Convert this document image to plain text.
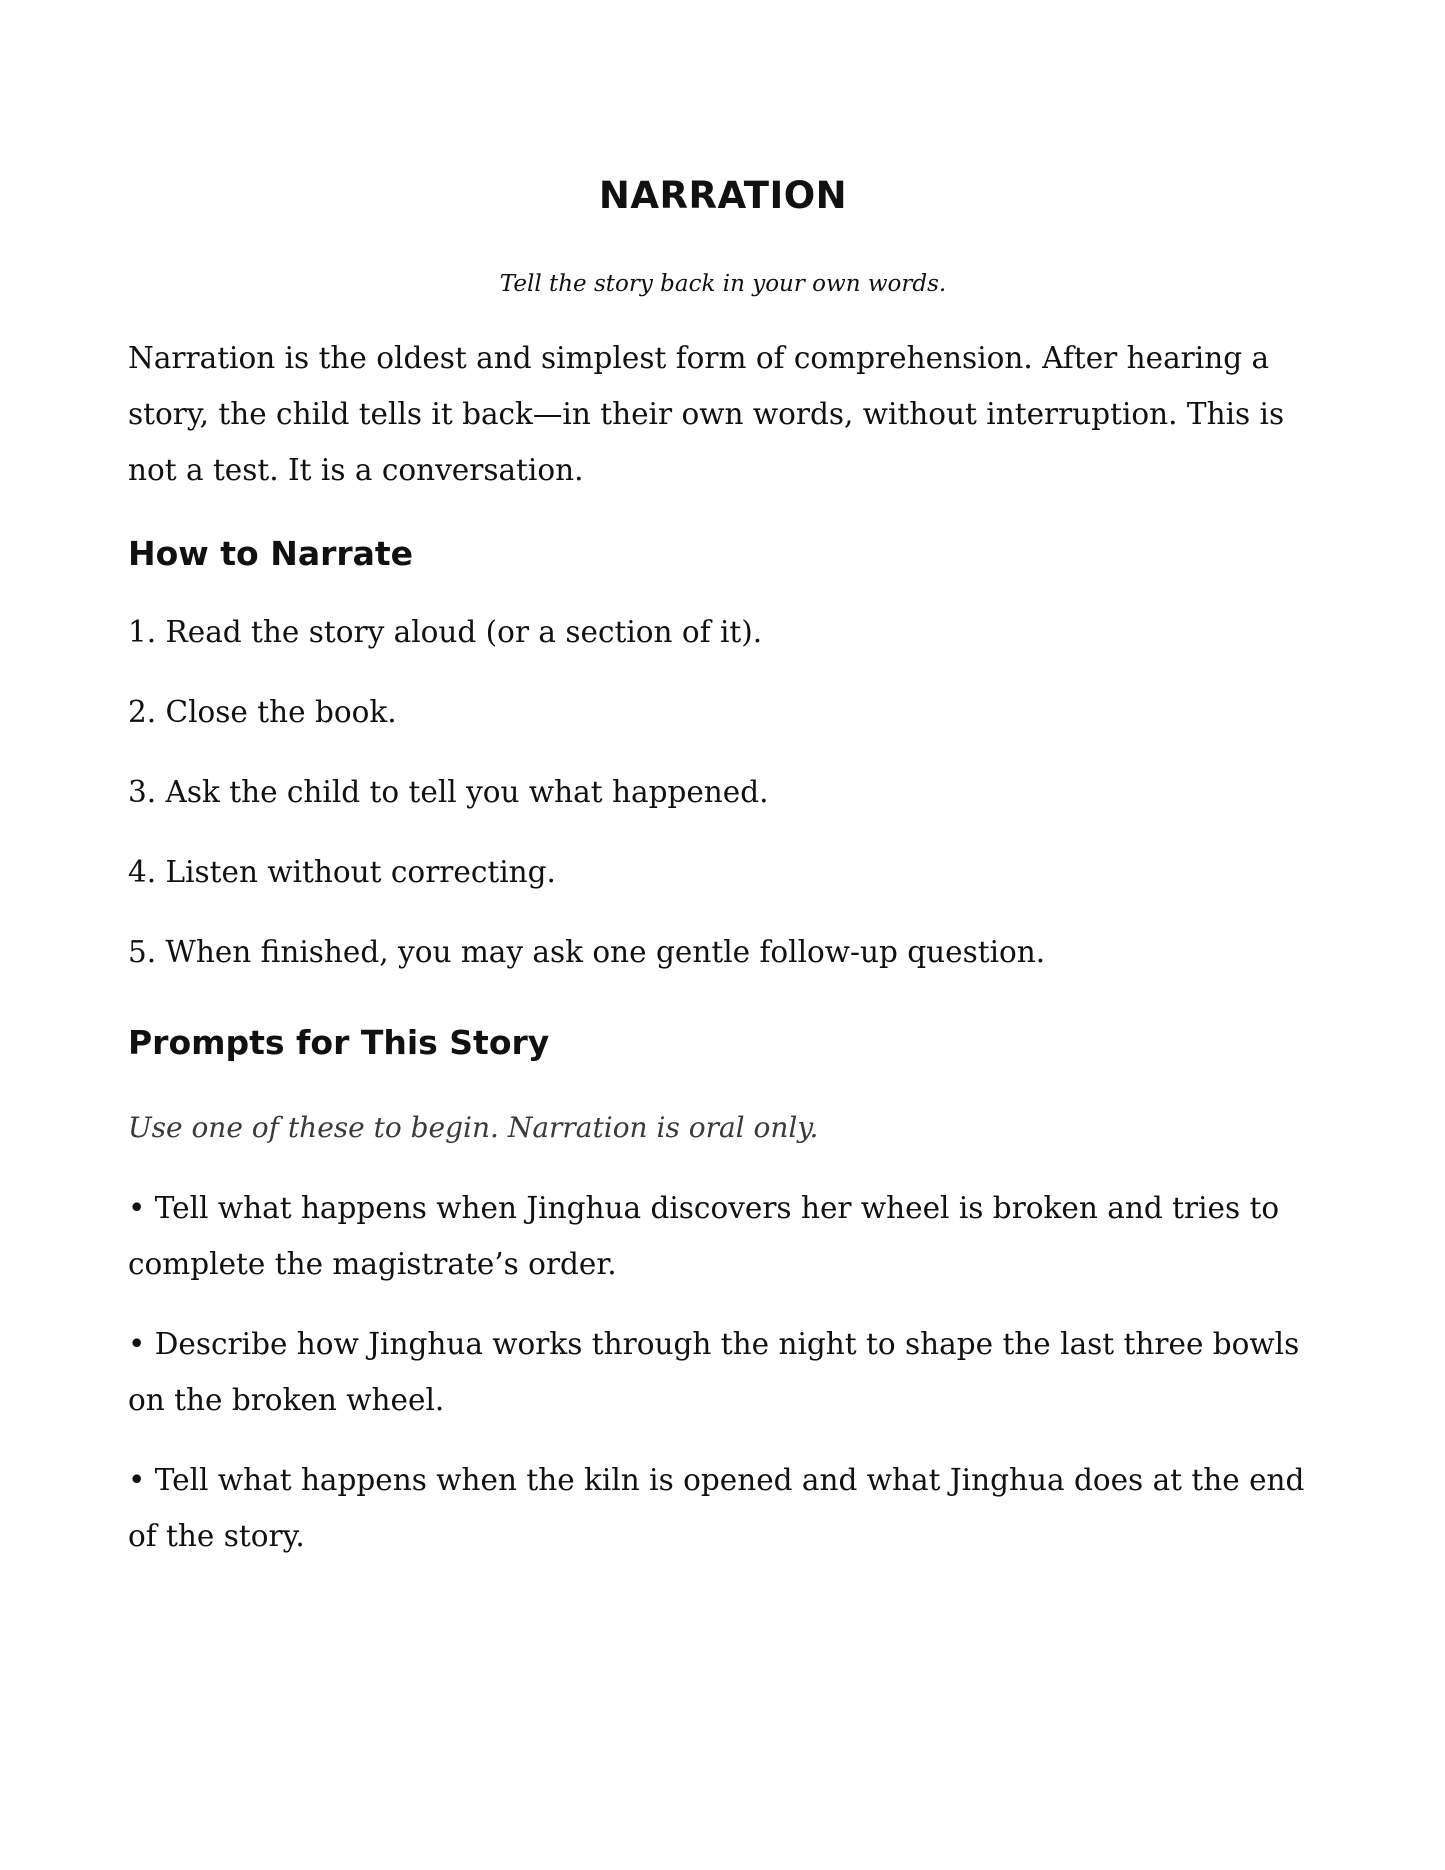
NARRATION

Tell the story back in your own words.

Narration is the oldest and simplest form of comprehension. After hearing a story, the child tells it back—in their own words, without interruption. This is not a test. It is a conversation.

How to Narrate
1. Read the story aloud (or a section of it).
2. Close the book.
3. Ask the child to tell you what happened.
4. Listen without correcting.
5. When finished, you may ask one gentle follow-up question.
Prompts for This Story

Use one of these to begin. Narration is oral only.

• Tell what happens when Jinghua discovers her wheel is broken and tries to complete the magistrate’s order.
• Describe how Jinghua works through the night to shape the last three bowls on the broken wheel.
• Tell what happens when the kiln is opened and what Jinghua does at the end of the story.
